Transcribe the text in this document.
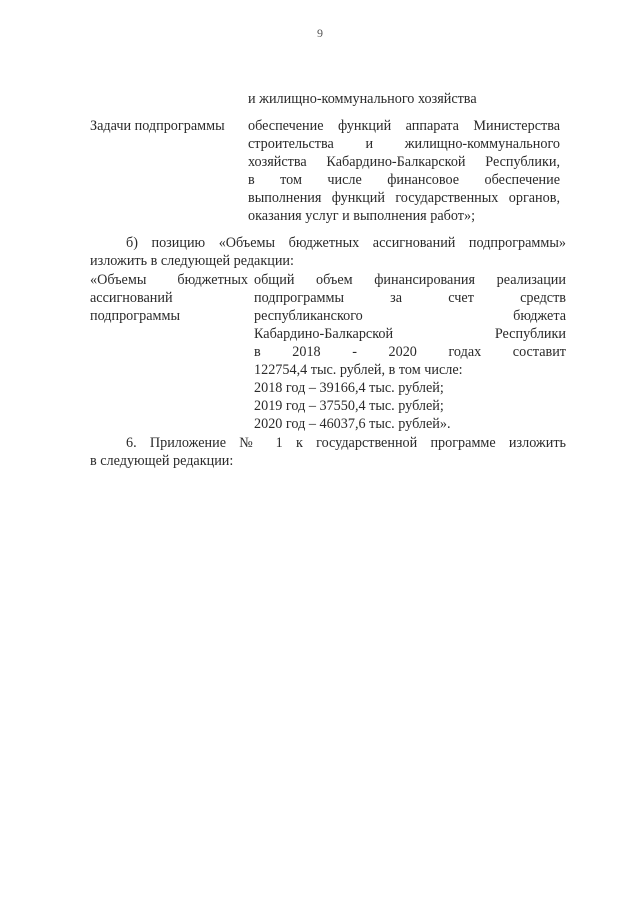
9
и жилищно-коммунального хозяйства
Задачи подпрограммы обеспечение функций аппарата Министерства
строительства и жилищно-коммунального
хозяйства Кабардино-Балкарской Республики,
в том числе финансовое обеспечение
выполнения функций государственных органов,
оказания услуг и выполнения работ»;
б) позицию «Объемы бюджетных ассигнований подпрограммы»
изложить в следующей редакции:
«Объемы бюджетных
ассигнований
подпрограммы
общий объем финансирования реализации
подпрограммы за счет средств
республиканского бюджета
Кабардино-Балкарской Республики
в 2018 - 2020 годах составит
122754,4 тыс. рублей, в том числе:
2018 год – 39166,4 тыс. рублей;
2019 год – 37550,4 тыс. рублей;
2020 год – 46037,6 тыс. рублей».
6. Приложение № 1 к государственной программе изложить
в следующей редакции:
